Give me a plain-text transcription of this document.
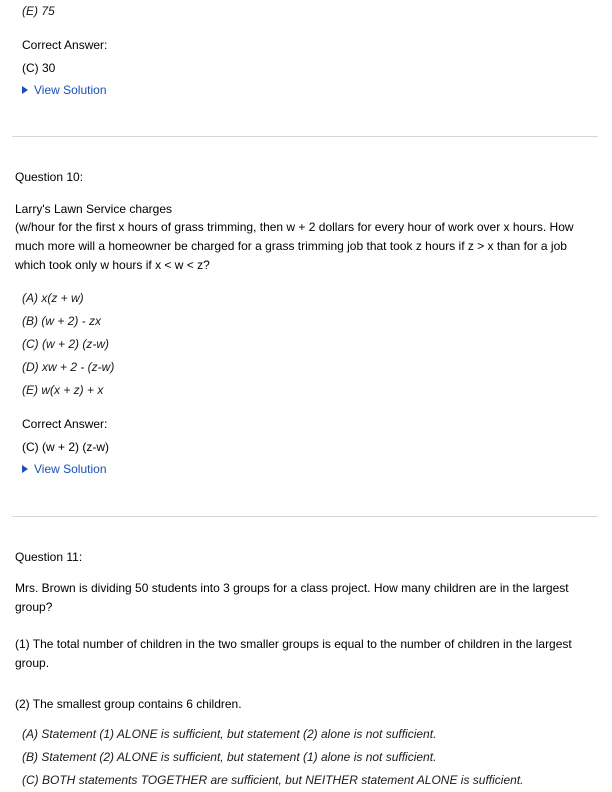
(E) 75
Correct Answer:
(C) 30
View Solution
Question 10:
Larry's Lawn Service charges
(w/hour for the first x hours of grass trimming, then w + 2 dollars for every hour of work over x hours. How much more will a homeowner be charged for a grass trimming job that took z hours if z > x than for a job which took only w hours if x < w < z?
(A) x(z + w)
(B) (w + 2) - zx
(C) (w + 2) (z-w)
(D) xw + 2 - (z-w)
(E) w(x + z) + x
Correct Answer:
(C) (w + 2) (z-w)
View Solution
Question 11:
Mrs. Brown is dividing 50 students into 3 groups for a class project. How many children are in the largest group?
(1) The total number of children in the two smaller groups is equal to the number of children in the largest group.
(2) The smallest group contains 6 children.
(A) Statement (1) ALONE is sufficient, but statement (2) alone is not sufficient.
(B) Statement (2) ALONE is sufficient, but statement (1) alone is not sufficient.
(C) BOTH statements TOGETHER are sufficient, but NEITHER statement ALONE is sufficient.
